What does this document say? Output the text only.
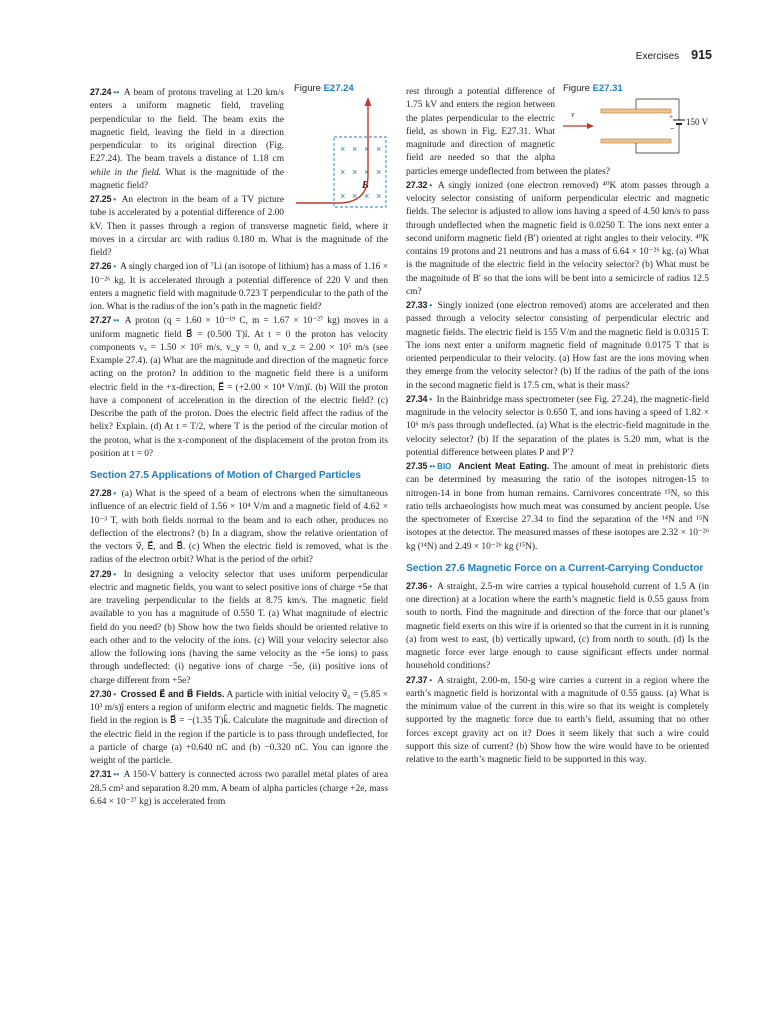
Exercises 915
Figure E27.24
× × × ×
× × × ×
× × × ×
B

27.24 •• A beam of protons traveling at 1.20 km/s enters a uniform magnetic field, traveling perpendicular to the field. The beam exits the magnetic field, leaving the field in a direction perpendicular to its original direction (Fig. E27.24). The beam travels a distance of 1.18 cm while in the field. What is the magnitude of the magnetic field?

27.25 • An electron in the beam of a TV picture tube is accelerated by a potential difference of 2.00 kV. Then it passes through a region of transverse magnetic field, where it moves in a circular arc with radius 0.180 m. What is the magnitude of the field?

27.26 • A singly charged ion of ⁷Li (an isotope of lithium) has a mass of 1.16 × 10⁻²⁶ kg. It is accelerated through a potential difference of 220 V and then enters a magnetic field with magnitude 0.723 T perpendicular to the path of the ion. What is the radius of the ion’s path in the magnetic field?

27.27 •• A proton (q = 1.60 × 10⁻¹⁹ C, m = 1.67 × 10⁻²⁷ kg) moves in a uniform magnetic field B⃗ = (0.500 T)î. At t = 0 the proton has velocity components vₓ = 1.50 × 10⁵ m/s, v_y = 0, and v_z = 2.00 × 10⁵ m/s (see Example 27.4). (a) What are the magnitude and direction of the magnetic force acting on the proton? In addition to the magnetic field there is a uniform electric field in the +x-direction, E⃗ = (+2.00 × 10⁴ V/m)î. (b) Will the proton have a component of acceleration in the direction of the electric field? (c) Describe the path of the proton. Does the electric field affect the radius of the helix? Explain. (d) At t = T/2, where T is the period of the circular motion of the proton, what is the x-component of the displacement of the proton from its position at t = 0?

Section 27.5 Applications of Motion of Charged Particles

27.28 • (a) What is the speed of a beam of electrons when the simultaneous influence of an electric field of 1.56 × 10⁴ V/m and a magnetic field of 4.62 × 10⁻³ T, with both fields normal to the beam and to each other, produces no deflection of the electrons? (b) In a diagram, show the relative orientation of the vectors v⃗, E⃗, and B⃗. (c) When the electric field is removed, what is the radius of the electron orbit? What is the period of the orbit?

27.29 • In designing a velocity selector that uses uniform perpendicular electric and magnetic fields, you want to select positive ions of charge +5e that are traveling perpendicular to the fields at 8.75 km/s. The magnetic field available to you has a magnitude of 0.550 T. (a) What magnitude of electric field do you need? (b) Show how the two fields should be oriented relative to each other and to the velocity of the ions. (c) Will your velocity selector also allow the following ions (having the same velocity as the +5e ions) to pass through undeflected: (i) negative ions of charge −5e, (ii) positive ions of charge different from +5e?

27.30 • Crossed E⃗ and B⃗ Fields. A particle with initial velocity v⃗₀ = (5.85 × 10³ m/s)ĵ enters a region of uniform electric and magnetic fields. The magnetic field in the region is B⃗ = −(1.35 T)k̂. Calculate the magnitude and direction of the electric field in the region if the particle is to pass through undeflected, for a particle of charge (a) +0.640 nC and (b) −0.320 nC. You can ignore the weight of the particle.

27.31 •• A 150-V battery is connected across two parallel metal plates of area 28.5 cm² and separation 8.20 mm. A beam of alpha particles (charge +2e, mass 6.64 × 10⁻²⁷ kg) is accelerated from

Figure E27.31
+
−
150 V
v

rest through a potential difference of 1.75 kV and enters the region between the plates perpendicular to the electric field, as shown in Fig. E27.31. What magnitude and direction of magnetic field are needed so that the alpha particles emerge undeflected from between the plates?

27.32 • A singly ionized (one electron removed) ⁴⁰K atom passes through a velocity selector consisting of uniform perpendicular electric and magnetic fields. The selector is adjusted to allow ions having a speed of 4.50 km/s to pass through undeflected when the magnetic field is 0.0250 T. The ions next enter a second uniform magnetic field (B′) oriented at right angles to their velocity. ⁴⁰K contains 19 protons and 21 neutrons and has a mass of 6.64 × 10⁻²⁶ kg. (a) What is the magnitude of the electric field in the velocity selector? (b) What must be the magnitude of B′ so that the ions will be bent into a semicircle of radius 12.5 cm?

27.33 • Singly ionized (one electron removed) atoms are accelerated and then passed through a velocity selector consisting of perpendicular electric and magnetic fields. The electric field is 155 V/m and the magnetic field is 0.0315 T. The ions next enter a uniform magnetic field of magnitude 0.0175 T that is oriented perpendicular to their velocity. (a) How fast are the ions moving when they emerge from the velocity selector? (b) If the radius of the path of the ions in the second magnetic field is 17.5 cm, what is their mass?

27.34 • In the Bainbridge mass spectrometer (see Fig. 27.24), the magnetic-field magnitude in the velocity selector is 0.650 T, and ions having a speed of 1.82 × 10⁶ m/s pass through undeflected. (a) What is the electric-field magnitude in the velocity selector? (b) If the separation of the plates is 5.20 mm, what is the potential difference between plates P and P′?

27.35 •• BIO Ancient Meat Eating. The amount of meat in prehistoric diets can be determined by measuring the ratio of the isotopes nitrogen-15 to nitrogen-14 in bone from human remains. Carnivores concentrate ¹⁵N, so this ratio tells archaeologists how much meat was consumed by ancient people. Use the spectrometer of Exercise 27.34 to find the separation of the ¹⁴N and ¹⁵N isotopes at the detector. The measured masses of these isotopes are 2.32 × 10⁻²⁶ kg (¹⁴N) and 2.49 × 10⁻²⁶ kg (¹⁵N).

Section 27.6 Magnetic Force on a Current-Carrying Conductor

27.36 • A straight, 2.5-m wire carries a typical household current of 1.5 A (in one direction) at a location where the earth’s magnetic field is 0.55 gauss from south to north. Find the magnitude and direction of the force that our planet’s magnetic field exerts on this wire if is oriented so that the current in it is running (a) from west to east, (b) vertically upward, (c) from north to south. (d) Is the magnetic force ever large enough to cause significant effects under normal household conditions?

27.37 • A straight, 2.00-m, 150-g wire carries a current in a region where the earth’s magnetic field is horizontal with a magnitude of 0.55 gauss. (a) What is the minimum value of the current in this wire so that its weight is completely supported by the magnetic force due to earth’s field, assuming that no other forces except gravity act on it? Does it seem likely that such a wire could support this size of current? (b) Show how the wire would have to be oriented relative to the earth’s magnetic field to be supported in this way.
